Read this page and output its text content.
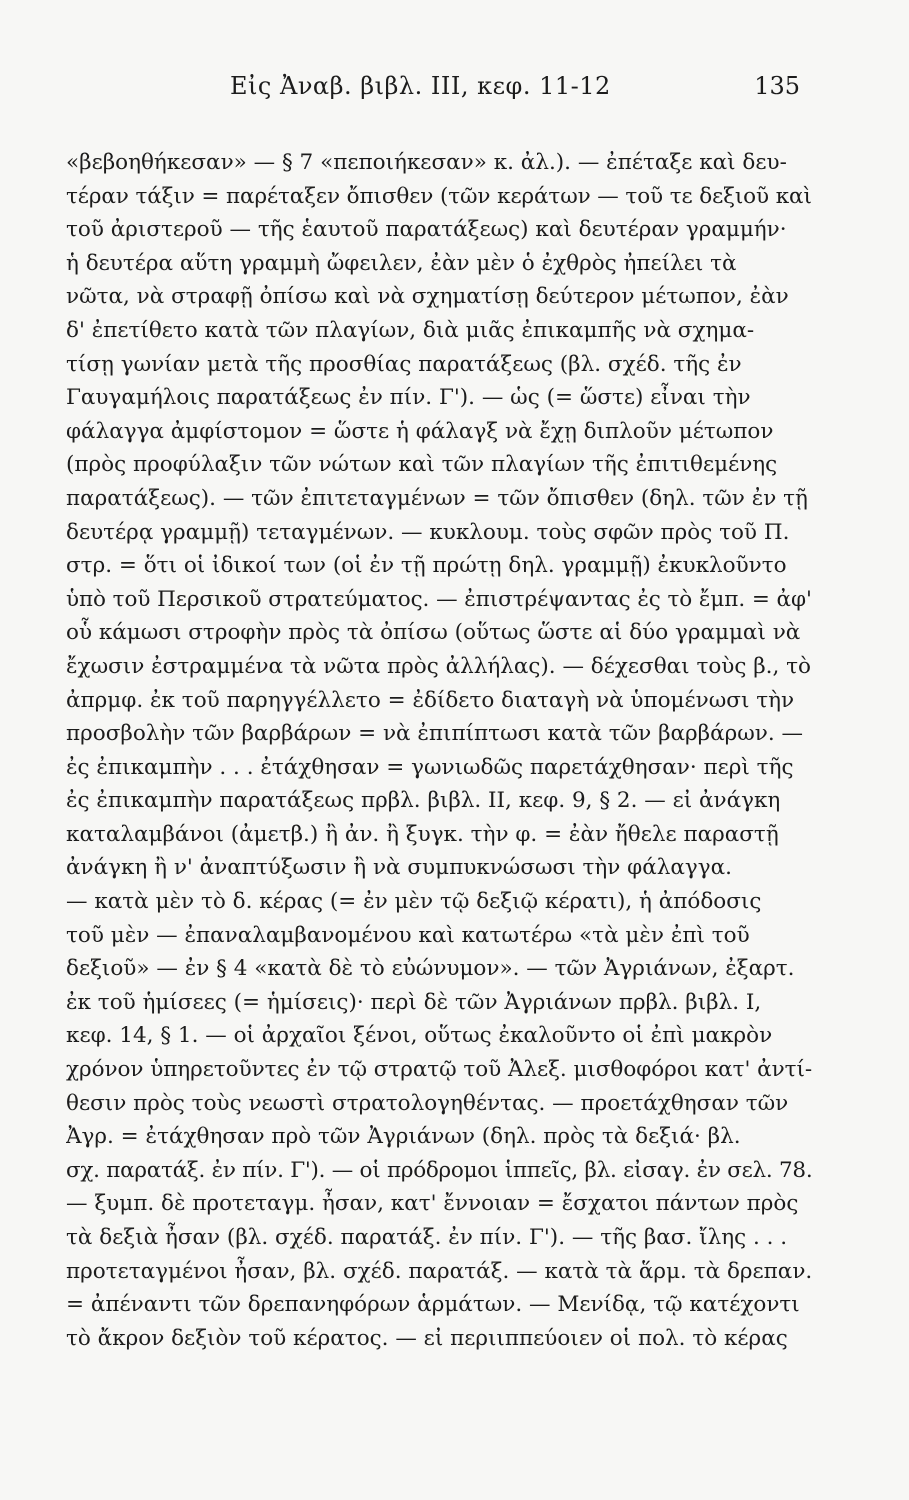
Εἰς Ἀναβ. βιβλ. III, κεφ. 11-12	135
«βεβοηθήκεσαν» — § 7 «πεποιήκεσαν» κ. ἀλ.). — ἐπέταξε καὶ δευ-
τέραν τάξιν = παρέταξεν ὄπισθεν (τῶν κεράτων — τοῦ τε δεξιοῦ καὶ
τοῦ ἀριστεροῦ — τῆς ἑαυτοῦ παρατάξεως) καὶ δευτέραν γραμμήν·
ἡ δευτέρα αὕτη γραμμὴ ὤφειλεν, ἐὰν μὲν ὁ ἐχθρὸς ἠπείλει τὰ
νῶτα, νὰ στραφῇ ὀπίσω καὶ νὰ σχηματίσῃ δεύτερον μέτωπον, ἐὰν
δ' ἐπετίθετο κατὰ τῶν πλαγίων, διὰ μιᾶς ἐπικαμπῆς νὰ σχημα-
τίσῃ γωνίαν μετὰ τῆς προσθίας παρατάξεως (βλ. σχέδ. τῆς ἐν
Γαυγαμήλοις παρατάξεως ἐν πίν. Γ'). — ὡς (= ὥστε) εἶναι τὴν
φάλαγγα ἀμφίστομον = ὥστε ἡ φάλαγξ νὰ ἔχῃ διπλοῦν μέτωπον
(πρὸς προφύλαξιν τῶν νώτων καὶ τῶν πλαγίων τῆς ἐπιτιθεμένης
παρατάξεως). — τῶν ἐπιτεταγμένων = τῶν ὄπισθεν (δηλ. τῶν ἐν τῇ
δευτέρᾳ γραμμῇ) τεταγμένων. — κυκλουμ. τοὺς σφῶν πρὸς τοῦ Π.
στρ. = ὅτι οἱ ἰδικοί των (οἱ ἐν τῇ πρώτῃ δηλ. γραμμῇ) ἐκυκλοῦντο
ὑπὸ τοῦ Περσικοῦ στρατεύματος. — ἐπιστρέψαντας ἐς τὸ ἔμπ. = ἀφ'
οὗ κάμωσι στροφὴν πρὸς τὰ ὀπίσω (οὕτως ὥστε αἱ δύο γραμμαὶ νὰ
ἔχωσιν ἐστραμμένα τὰ νῶτα πρὸς ἀλλήλας). — δέχεσθαι τοὺς β., τὸ
ἀπρμφ. ἐκ τοῦ παρηγγέλλετο = ἐδίδετο διαταγὴ νὰ ὑπομένωσι τὴν
προσβολὴν τῶν βαρβάρων = νὰ ἐπιπίπτωσι κατὰ τῶν βαρβάρων. —
ἐς ἐπικαμπὴν . . . ἐτάχθησαν = γωνιωδῶς παρετάχθησαν· περὶ τῆς
ἐς ἐπικαμπὴν παρατάξεως πρβλ. βιβλ. II, κεφ. 9, § 2. — εἰ ἀνάγκη
καταλαμβάνοι (ἀμετβ.) ἢ ἀν. ἢ ξυγκ. τὴν φ. = ἐὰν ἤθελε παραστῇ
ἀνάγκη ἢ ν' ἀναπτύξωσιν ἢ νὰ συμπυκνώσωσι τὴν φάλαγγα.
— κατὰ μὲν τὸ δ. κέρας (= ἐν μὲν τῷ δεξιῷ κέρατι), ἡ ἀπόδοσις
τοῦ μὲν — ἐπαναλαμβανομένου καὶ κατωτέρω «τὰ μὲν ἐπὶ τοῦ
δεξιοῦ» — ἐν § 4 «κατὰ δὲ τὸ εὐώνυμον». — τῶν Ἀγριάνων, ἐξαρτ.
ἐκ τοῦ ἡμίσεες (= ἡμίσεις)· περὶ δὲ τῶν Ἀγριάνων πρβλ. βιβλ. I,
κεφ. 14, § 1. — οἱ ἀρχαῖοι ξένοι, οὕτως ἐκαλοῦντο οἱ ἐπὶ μακρὸν
χρόνον ὑπηρετοῦντες ἐν τῷ στρατῷ τοῦ Ἀλεξ. μισθοφόροι κατ' ἀντί-
θεσιν πρὸς τοὺς νεωστὶ στρατολογηθέντας. — προετάχθησαν τῶν
Ἀγρ. = ἐτάχθησαν πρὸ τῶν Ἀγριάνων (δηλ. πρὸς τὰ δεξιά· βλ.
σχ. παρατάξ. ἐν πίν. Γ'). — οἱ πρόδρομοι ἱππεῖς, βλ. εἰσαγ. ἐν σελ. 78.
— ξυμπ. δὲ προτεταγμ. ἦσαν, κατ' ἔννοιαν = ἔσχατοι πάντων πρὸς
τὰ δεξιὰ ἦσαν (βλ. σχέδ. παρατάξ. ἐν πίν. Γ'). — τῆς βασ. ἴλης . . .
προτεταγμένοι ἦσαν, βλ. σχέδ. παρατάξ. — κατὰ τὰ ἅρμ. τὰ δρεπαν.
= ἀπέναντι τῶν δρεπανηφόρων ἁρμάτων. — Μενίδᾳ, τῷ κατέχοντι
τὸ ἄκρον δεξιὸν τοῦ κέρατος. — εἰ περιιππεύοιεν οἱ πολ. τὸ κέρας
